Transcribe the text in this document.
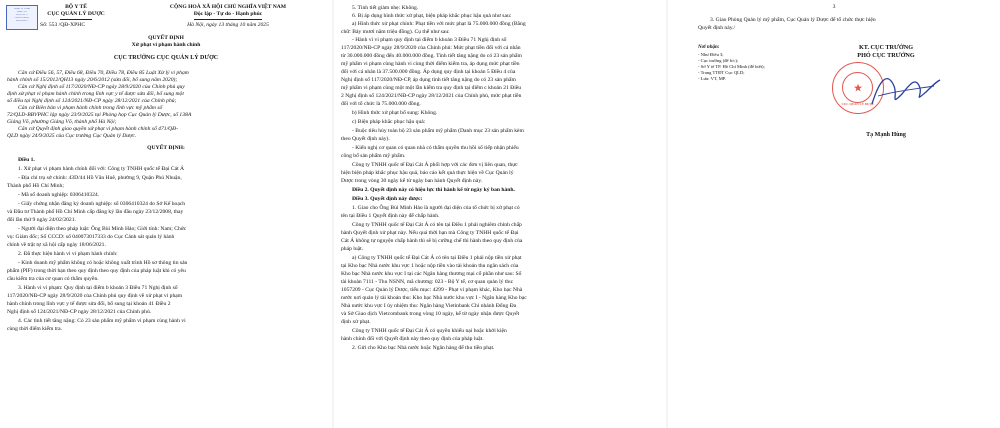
CÔNG TY TNHH
QUỐC TẾ
ĐẠI CÁT Á
CĐ SẢN XUẤT
BẢN SAO Y
BỘ Y TẾ
CỤC QUẢN LÝ DƯỢC
Số: 553 /QĐ-XPHC
CỘNG HOÀ XÃ HỘI CHỦ NGHĨA VIỆT NAM
Độc lập - Tự do - Hạnh phúc
Hà Nội, ngày 13 tháng 10 năm 2025
QUYẾT ĐỊNH
Xử phạt vi phạm hành chính
CỤC TRƯỞNG CỤC QUẢN LÝ DƯỢC
Căn cứ Điều 56, 57, Điều 68, Điều 70, Điều 78, Điều 85 Luật Xử lý vi phạm
hành chính số 15/2012/QH13 ngày 20/6/2012 (sửa đổi, bổ sung năm 2020);
Căn cứ Nghị định số 117/2020/NĐ-CP ngày 28/9/2020 của Chính phủ quy
định xử phạt vi phạm hành chính trong lĩnh vực y tế được sửa đổi, bổ sung một
số điều tại Nghị định số 124/2021/NĐ-CP ngày 28/12/2021 của Chính phủ;
Căn cứ Biên bản vi phạm hành chính trong lĩnh vực mỹ phẩm số
72/QLD-BBVPHC lập ngày 23/9/2025 tại Phòng họp Cục Quản lý Dược, số 138A
Giảng Võ, phường Giảng Võ, thành phố Hà Nội;
Căn cứ Quyết định giao quyền xử phạt vi phạm hành chính số 471/QĐ-
QLD ngày 24/9/2025 của Cục trưởng Cục Quản lý Dược.
QUYẾT ĐỊNH:
Điều 1.
1. Xử phạt vi phạm hành chính đối với: Công ty TNHH quốc tế Đại Cát Á
- Địa chỉ trụ sở chính: 43D/44 Hồ Văn Huê, phường 9, Quận Phú Nhuận,
Thành phố Hồ Chí Minh;
- Mã số doanh nghiệp: 0306410324.
- Giấy chứng nhận đăng ký doanh nghiệp: số 0306410324 do Sở Kế hoạch
và Đầu tư Thành phố Hồ Chí Minh cấp đăng ký lần đầu ngày 23/12/2008, thay
đổi lần thứ 9 ngày 24/02/2021.
- Người đại diện theo pháp luật: Ông Bùi Minh Hảo; Giới tính: Nam; Chức
vụ: Giám đốc; Số CCCD: số 040073017333 do Cục Cảnh sát quản lý hành
chính về trật tự xã hội cấp ngày 18/06/2021.
2. Đã thực hiện hành vi vi phạm hành chính:
- Kinh doanh mỹ phẩm không có hoặc không xuất trình Hồ sơ thông tin sản
phẩm (PIF) trong thời hạn theo quy định theo quy định của pháp luật khi có yêu
cầu kiểm tra của cơ quan có thẩm quyền.
3. Hành vi vi phạm: Quy định tại điểm b khoản 3 Điều 71 Nghị định số
117/2020/NĐ-CP ngày 28/9/2020 của Chính phủ quy định về xử phạt vi phạm
hành chính trong lĩnh vực y tế được sửa đổi, bổ sung tại khoản 41 Điều 2
Nghị định số 124/2021/NĐ-CP ngày 28/12/2021 của Chính phủ.
4. Các tình tiết tăng nặng: Có 23 sản phẩm mỹ phẩm vi phạm cùng hành vi
cùng thời điểm kiểm tra.
5. Tình tiết giảm nhẹ: Không.
6. Bị áp dụng hình thức xử phạt, biện pháp khắc phục hậu quả như sau:
a) Hình thức xử phạt chính: Phạt tiền với mức phạt là 75.000.000 đồng (Bằng
chữ: Bảy mươi năm triệu đồng). Cụ thể như sau:
- Hành vi vi phạm quy định tại điểm b khoản 3 Điều 71 Nghị định số
117/2020/NĐ-CP ngày 28/9/2020 của Chính phủ: Mức phạt tiền đối với cá nhân
từ 30.000.000 đồng đến 40.000.000 đồng. Tình tiết tăng nặng do có 23 sản phẩm
mỹ phẩm vi phạm cùng hành vi cùng thời điểm kiểm tra, áp dụng mức phạt tiền
đối với cá nhân là 37.500.000 đồng. Áp dụng quy định tại khoản 5 Điều 4 của
Nghị định số 117/2020/NĐ-CP, áp dụng tình tiết tăng nặng do có 23 sản phẩm
mỹ phẩm vi phạm cùng một một lần kiểm tra quy định tại điểm c khoản 21 Điều
2 Nghị định số 124/2021/NĐ-CP ngày 28/12/2021 của Chính phủ, mức phạt tiền
đối với tổ chức là 75.000.000 đồng.
b) Hình thức xử phạt bổ sung: Không.
c) Biện pháp khắc phục hậu quả:
- Buộc tiêu hủy toàn bộ 23 sản phẩm mỹ phẩm (Danh mục 23 sản phẩm kèm
theo Quyết định này).
- Kiến nghị cơ quan có quan nhà có thẩm quyền thu hồi số tiếp nhận phiếu
công bố sản phẩm mỹ phẩm.
Công ty TNHH quốc tế Đại Cát Á phối hợp với các đơn vị liên quan, thực
hiện biện pháp khắc phục hậu quả, báo cáo kết quả thực hiện về Cục Quản lý
Dược trong vòng 30 ngày kể từ ngày ban hành Quyết định này.
Điều 2. Quyết định này có hiệu lực thi hành kể từ ngày ký ban hành.
Điều 3. Quyết định này được:
1. Giao cho Ông Bùi Minh Hảo là người đại diện của tổ chức bị xử phạt có
tên tại Điều 1 Quyết định này để chấp hành.
Công ty TNHH quốc tế Đại Cát Á có tên tại Điều 1 phải nghiêm chỉnh chấp
hành Quyết định xử phạt này. Nếu quá thời hạn mà Công ty TNHH quốc tế Đại
Cát Á không tự nguyện chấp hành thì sẽ bị cưỡng chế thi hành theo quy định của
pháp luật.
a) Công ty TNHH quốc tế Đại Cát Á có tên tại Điều 1 phải nộp tiền xử phạt
tại Kho bạc Nhà nước khu vực 1 hoặc nộp tiền vào tài khoản thu ngân sách của
Kho bạc Nhà nước khu vực I tại các Ngân hàng thương mại cổ phần như sau: Số
tài khoản 7111 - Thu NSNN, mã chương: 023 - Bộ Y tế, cơ quan quản lý thu:
1057209 - Cục Quản lý Dược, tiểu mục: 4299 - Phạt vi phạm khác, Kho bạc Nhà
nước nơi quản lý tài khoản thu: Kho bạc Nhà nước khu vực I - Ngân hàng Kho bạc
Nhà nước khu vực I ủy nhiệm thu: Ngân hàng Vietinbank Chi nhánh Đống Đa
và Sở Giao dịch Vietcombank trong vòng 10 ngày, kể từ ngày nhận được Quyết
định xử phạt.
Công ty TNHH quốc tế Đại Cát Á có quyền khiếu nại hoặc khởi kiện
hành chính đối với Quyết định này theo quy định của pháp luật.
2. Gửi cho Kho bạc Nhà nước hoặc Ngân hàng để thu tiền phạt.
3
3. Giao Phòng Quản lý mỹ phẩm, Cục Quản lý Dược để tổ chức thực hiện
Quyết định này./
Nơi nhận:
- Như Điều 3;
- Cục trưởng (để b/c);
- Sở Y tế TP. Hồ Chí Minh (để biết);
- Trang TTĐT Cục QLD;
- Lưu: VT, MP.
KT. CỤC TRƯỞNG
PHÓ CỤC TRƯỞNG
★
CỤC QUẢN LÝ DƯỢC
Tạ Mạnh Hùng
